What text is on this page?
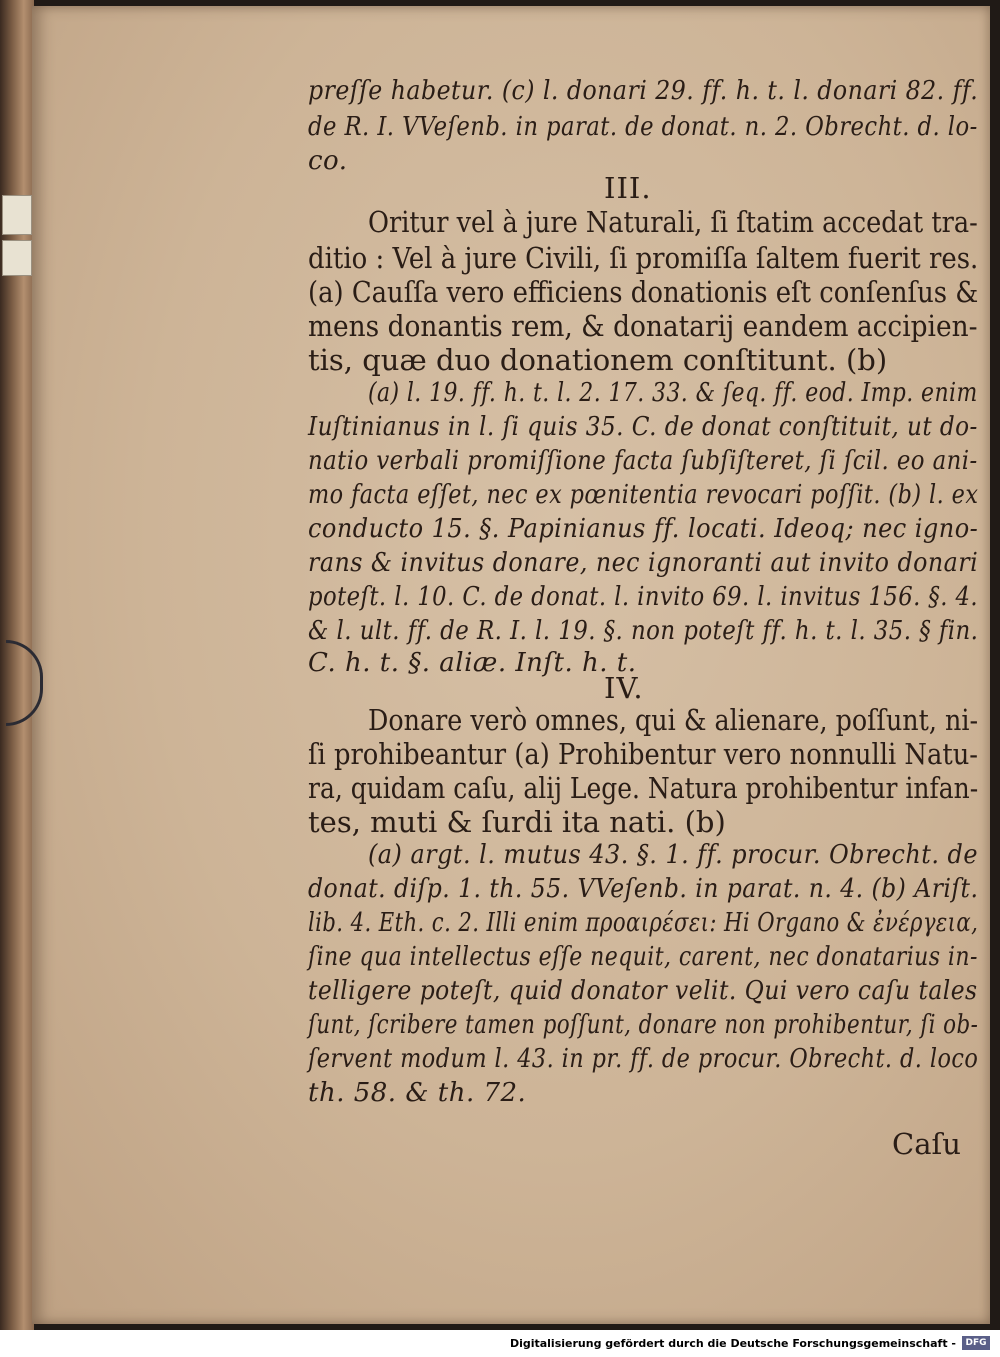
preſſe habetur. (c) l. donari 29. ff. h. t. l. donari 82. ff.
de R. I. VVeſenb. in parat. de donat. n. 2. Obrecht. d. lo-
co.
III.
Oritur vel à jure Naturali, ſi ſtatim accedat tra-
ditio : Vel à jure Civili, ſi promiſſa ſaltem fuerit res.
(a) Cauſſa vero efficiens donationis eſt conſenſus &
mens donantis rem, & donatarij eandem accipien-
tis, quæ duo donationem conſtitunt. (b)
(a) l. 19. ff. h. t. l. 2. 17. 33. & ſeq. ff. eod. Imp. enim
Iuſtinianus in l. ſi quis 35. C. de donat conſtituit, ut do-
natio verbali promiſſione facta ſubſiſteret, ſi ſcil. eo ani-
mo facta eſſet, nec ex pœnitentia revocari poſſit. (b) l. ex
conducto 15. §. Papinianus ff. locati. Ideoq; nec igno-
rans & invitus donare, nec ignoranti aut invito donari
poteſt. l. 10. C. de donat. l. invito 69. l. invitus 156. §. 4.
& l. ult. ff. de R. I. l. 19. §. non poteſt ff. h. t. l. 35. § fin.
C. h. t. §. aliæ. Inſt. h. t.
IV.
Donare verò omnes, qui & alienare, poſſunt, ni-
ſi prohibeantur (a) Prohibentur vero nonnulli Natu-
ra, quidam caſu, alij Lege. Natura prohibentur infan-
tes, muti & ſurdi ita nati. (b)
(a) argt. l. mutus 43. §. 1. ff. procur. Obrecht. de
donat. diſp. 1. th. 55. VVeſenb. in parat. n. 4. (b) Ariſt.
lib. 4. Eth. c. 2. Illi enim προαιρέσει: Hi Organo & ἐνέργεια,
ſine qua intellectus eſſe nequit, carent, nec donatarius in-
telligere poteſt, quid donator velit. Qui vero caſu tales
ſunt, ſcribere tamen poſſunt, donare non prohibentur, ſi ob-
ſervent modum l. 43. in pr. ff. de procur. Obrecht. d. loco
th. 58. & th. 72.
Caſu
Digitalisierung gefördert durch die Deutsche Forschungsgemeinschaft -	DFG
